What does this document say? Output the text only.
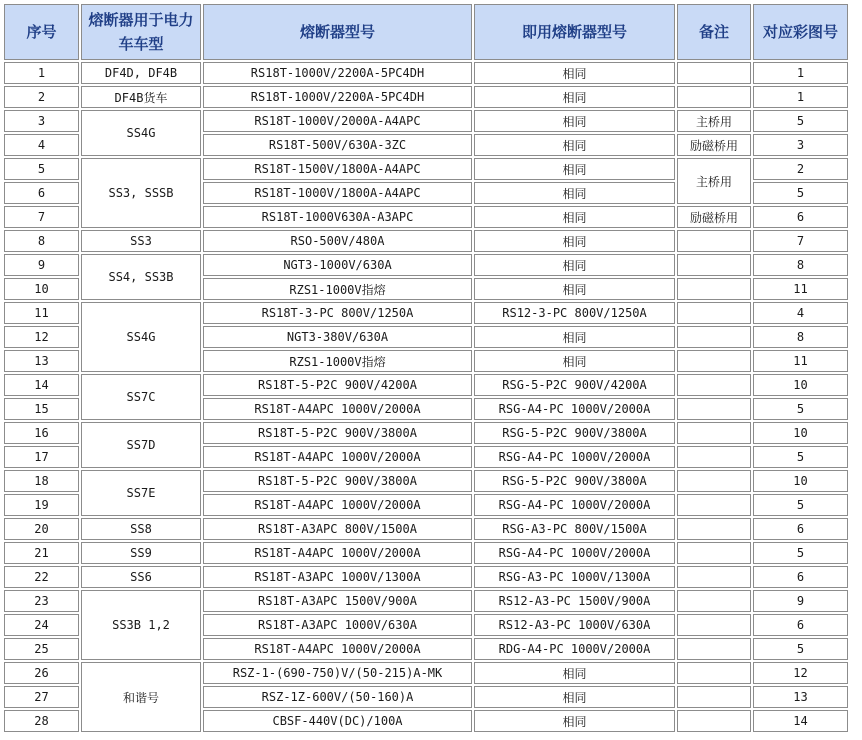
序号	熔断器用于电力车车型	熔断器型号	即用熔断器型号	备注	对应彩图号
1	DF4D, DF4B	RS18T-1000V/2200A-5PC4DH	相同		1
2	DF4B货车	RS18T-1000V/2200A-5PC4DH	相同		1
3	SS4G	RS18T-1000V/2000A-A4APC	相同	主桥用	5
4		RS18T-500V/630A-3ZC	相同	励磁桥用	3
5	SS3, SSSB	RS18T-1500V/1800A-A4APC	相同	主桥用	2
6		RS18T-1000V/1800A-A4APC	相同		5
7		RS18T-1000V630A-A3APC	相同	励磁桥用	6
8	SS3	RSO-500V/480A	相同		7
9	SS4, SS3B	NGT3-1000V/630A	相同		8
10		RZS1-1000V指熔	相同		11
11	SS4G	RS18T-3-PC 800V/1250A	RS12-3-PC 800V/1250A		4
12		NGT3-380V/630A	相同		8
13		RZS1-1000V指熔	相同		11
14	SS7C	RS18T-5-P2C 900V/4200A	RSG-5-P2C 900V/4200A		10
15		RS18T-A4APC 1000V/2000A	RSG-A4-PC 1000V/2000A		5
16	SS7D	RS18T-5-P2C 900V/3800A	RSG-5-P2C 900V/3800A		10
17		RS18T-A4APC 1000V/2000A	RSG-A4-PC 1000V/2000A		5
18	SS7E	RS18T-5-P2C 900V/3800A	RSG-5-P2C 900V/3800A		10
19		RS18T-A4APC 1000V/2000A	RSG-A4-PC 1000V/2000A		5
20	SS8	RS18T-A3APC 800V/1500A	RSG-A3-PC 800V/1500A		6
21	SS9	RS18T-A4APC 1000V/2000A	RSG-A4-PC 1000V/2000A		5
22	SS6	RS18T-A3APC 1000V/1300A	RSG-A3-PC 1000V/1300A		6
23	SS3B 1,2	RS18T-A3APC 1500V/900A	RS12-A3-PC 1500V/900A		9
24		RS18T-A3APC 1000V/630A	RS12-A3-PC 1000V/630A		6
25		RS18T-A4APC 1000V/2000A	RDG-A4-PC 1000V/2000A		5
26	和谐号	RSZ-1-(690-750)V/(50-215)A-MK	相同		12
27		RSZ-1Z-600V/(50-160)A	相同		13
28		CBSF-440V(DC)/100A	相同		14
